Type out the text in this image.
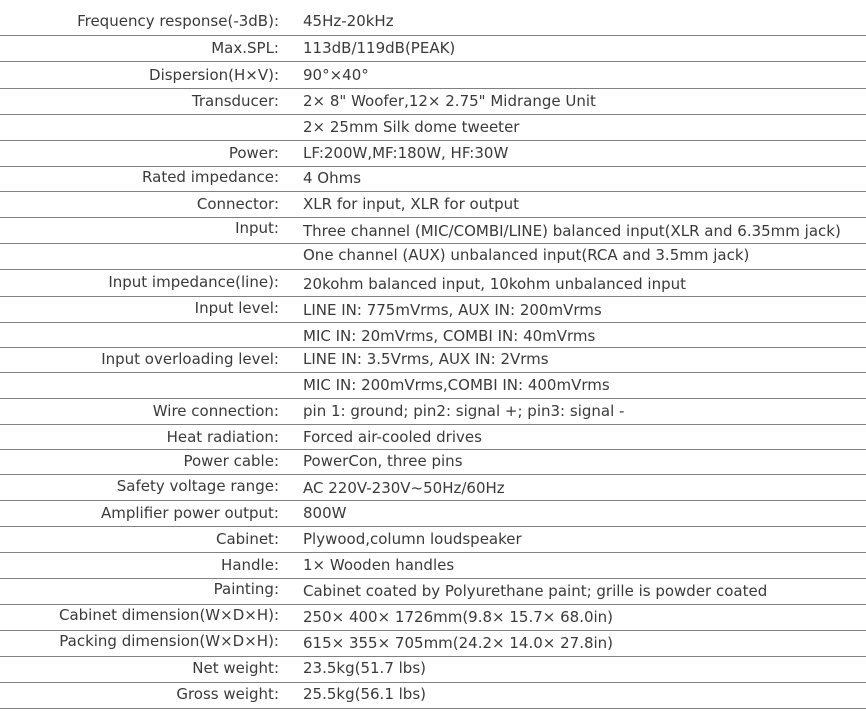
Frequency response(-3dB): 45Hz-20kHz
Max.SPL: 113dB/119dB(PEAK)
Dispersion(H×V): 90°×40°
Transducer: 2× 8" Woofer,12× 2.75" Midrange Unit
2× 25mm Silk dome tweeter
Power: LF:200W,MF:180W, HF:30W
Rated impedance: 4 Ohms
Connector: XLR for input, XLR for output
Input: Three channel (MIC/COMBI/LINE) balanced input(XLR and 6.35mm jack)
One channel (AUX) unbalanced input(RCA and 3.5mm jack)
Input impedance(line): 20kohm balanced input, 10kohm unbalanced input
Input level: LINE IN: 775mVrms, AUX IN: 200mVrms
MIC IN: 20mVrms, COMBI IN: 40mVrms
Input overloading level: LINE IN: 3.5Vrms, AUX IN: 2Vrms
MIC IN: 200mVrms,COMBI IN: 400mVrms
Wire connection: pin 1: ground; pin2: signal +; pin3: signal -
Heat radiation: Forced air-cooled drives
Power cable: PowerCon, three pins
Safety voltage range: AC 220V-230V~50Hz/60Hz
Amplifier power output: 800W
Cabinet: Plywood,column loudspeaker
Handle: 1× Wooden handles
Painting: Cabinet coated by Polyurethane paint; grille is powder coated
Cabinet dimension(W×D×H): 250× 400× 1726mm(9.8× 15.7× 68.0in)
Packing dimension(W×D×H): 615× 355× 705mm(24.2× 14.0× 27.8in)
Net weight: 23.5kg(51.7 lbs)
Gross weight: 25.5kg(56.1 lbs)
